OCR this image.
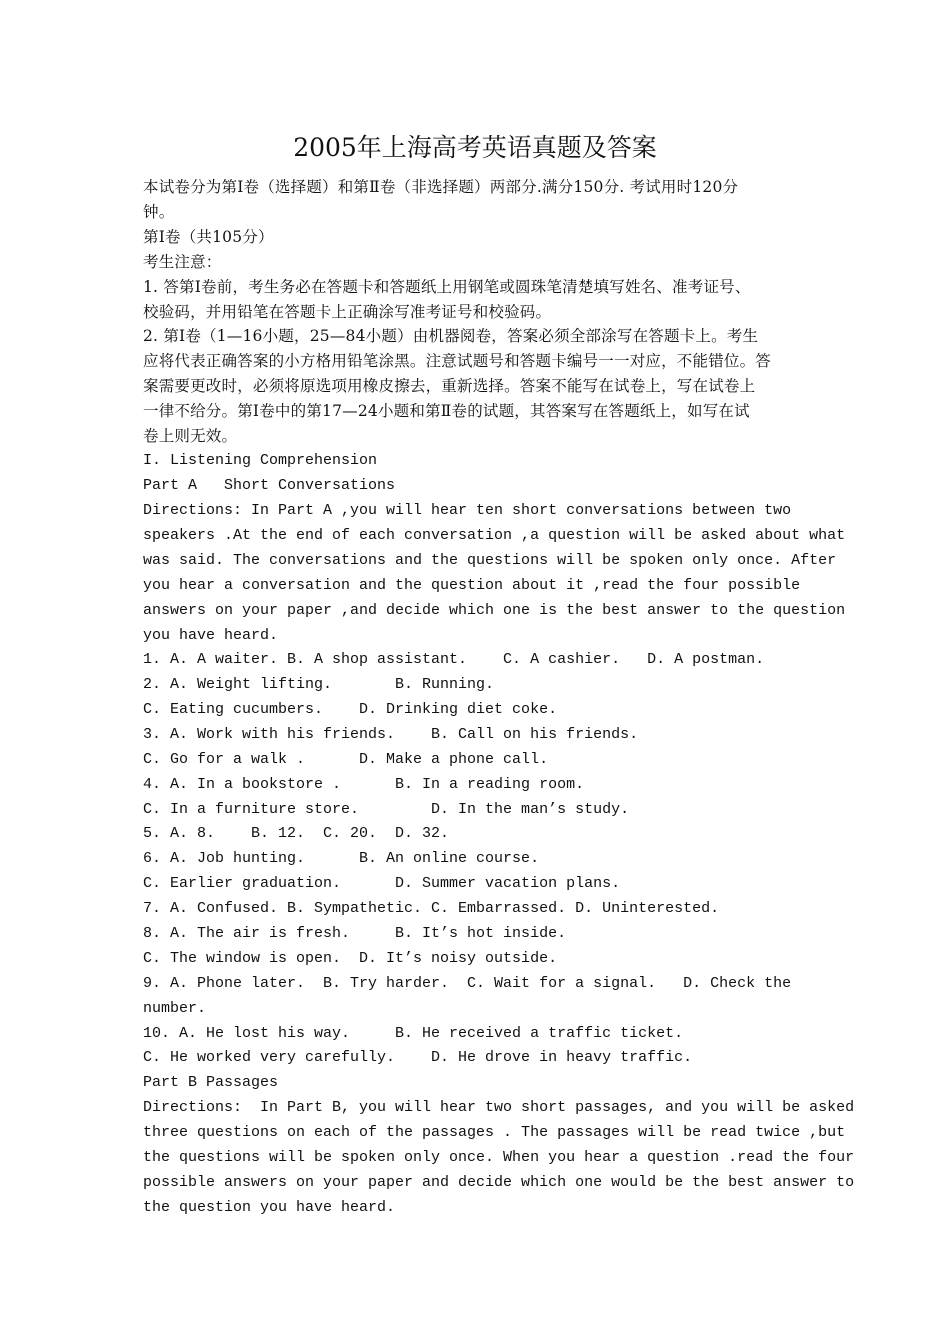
2005年上海高考英语真题及答案
本试卷分为第Ⅰ卷（选择题）和第Ⅱ卷（非选择题）两部分.满分150分. 考试用时120分
钟。
第Ⅰ卷（共105分）
考生注意：
1. 答第Ⅰ卷前，考生务必在答题卡和答题纸上用钢笔或圆珠笔清楚填写姓名、准考证号、
校验码，并用铅笔在答题卡上正确涂写准考证号和校验码。
2. 第Ⅰ卷（1—16小题，25—84小题）由机器阅卷，答案必须全部涂写在答题卡上。考生
应将代表正确答案的小方格用铅笔涂黑。注意试题号和答题卡编号一一对应，不能错位。答
案需要更改时，必须将原选项用橡皮擦去，重新选择。答案不能写在试卷上，写在试卷上
一律不给分。第Ⅰ卷中的第17—24小题和第Ⅱ卷的试题，其答案写在答题纸上，如写在试
卷上则无效。
I. Listening Comprehension
Part A   Short Conversations
Directions: In Part A ,you will hear ten short conversations between two
speakers .At the end of each conversation ,a question will be asked about what
was said. The conversations and the questions will be spoken only once. After
you hear a conversation and the question about it ,read the four possible
answers on your paper ,and decide which one is the best answer to the question
you have heard.
1. A. A waiter. B. A shop assistant.    C. A cashier.   D. A postman.
2. A. Weight lifting.       B. Running.
C. Eating cucumbers.    D. Drinking diet coke.
3. A. Work with his friends.    B. Call on his friends.
C. Go for a walk .      D. Make a phone call.
4. A. In a bookstore .      B. In a reading room.
C. In a furniture store.        D. In the man’s study.
5. A. 8.    B. 12.  C. 20.  D. 32.
6. A. Job hunting.      B. An online course.
C. Earlier graduation.      D. Summer vacation plans.
7. A. Confused. B. Sympathetic. C. Embarrassed. D. Uninterested.
8. A. The air is fresh.     B. It’s hot inside.
C. The window is open.  D. It’s noisy outside.
9. A. Phone later.  B. Try harder.  C. Wait for a signal.   D. Check the
number.
10. A. He lost his way.     B. He received a traffic ticket.
C. He worked very carefully.    D. He drove in heavy traffic.
Part B Passages
Directions:  In Part B, you will hear two short passages, and you will be asked
three questions on each of the passages . The passages will be read twice ,but
the questions will be spoken only once. When you hear a question .read the four
possible answers on your paper and decide which one would be the best answer to
the question you have heard.
